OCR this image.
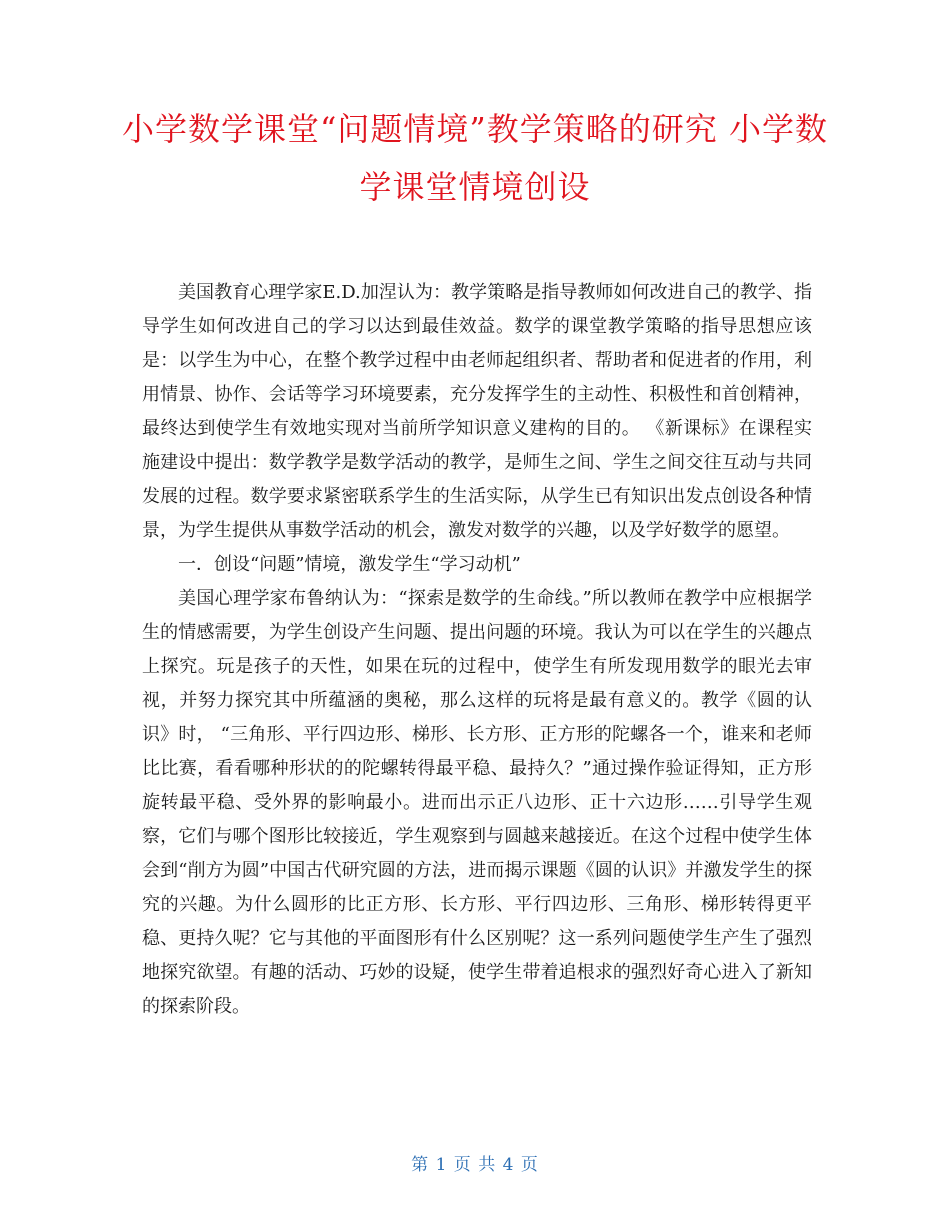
小学数学课堂“问题情境”教学策略的研究 小学数学课堂情境创设

美国教育心理学家E.D.加涅认为：教学策略是指导教师如何改进自己的教学、指导学生如何改进自己的学习以达到最佳效益。数学的课堂教学策略的指导思想应该是：以学生为中心，在整个教学过程中由老师起组织者、帮助者和促进者的作用，利用情景、协作、会话等学习环境要素，充分发挥学生的主动性、积极性和首创精神，最终达到使学生有效地实现对当前所学知识意义建构的目的。 《新课标》在课程实施建设中提出：数学教学是数学活动的教学，是师生之间、学生之间交往互动与共同发展的过程。数学要求紧密联系学生的生活实际，从学生已有知识出发点创设各种情景，为学生提供从事数学活动的机会，激发对数学的兴趣，以及学好数学的愿望。

一．创设“问题”情境，激发学生“学习动机”

美国心理学家布鲁纳认为：“探索是数学的生命线。”所以教师在教学中应根据学生的情感需要，为学生创设产生问题、提出问题的环境。我认为可以在学生的兴趣点上探究。玩是孩子的天性，如果在玩的过程中，使学生有所发现用数学的眼光去审视，并努力探究其中所蕴涵的奥秘，那么这样的玩将是最有意义的。教学《圆的认识》时， “三角形、平行四边形、梯形、长方形、正方形的陀螺各一个，谁来和老师比比赛，看看哪种形状的的陀螺转得最平稳、最持久？”通过操作验证得知，正方形旋转最平稳、受外界的影响最小。进而出示正八边形、正十六边形……引导学生观察，它们与哪个图形比较接近，学生观察到与圆越来越接近。在这个过程中使学生体会到“削方为圆”中国古代研究圆的方法，进而揭示课题《圆的认识》并激发学生的探究的兴趣。为什么圆形的比正方形、长方形、平行四边形、三角形、梯形转得更平稳、更持久呢？它与其他的平面图形有什么区别呢？这一系列问题使学生产生了强烈地探究欲望。有趣的活动、巧妙的设疑，使学生带着追根求的强烈好奇心进入了新知的探索阶段。

第 1 页 共 4 页
